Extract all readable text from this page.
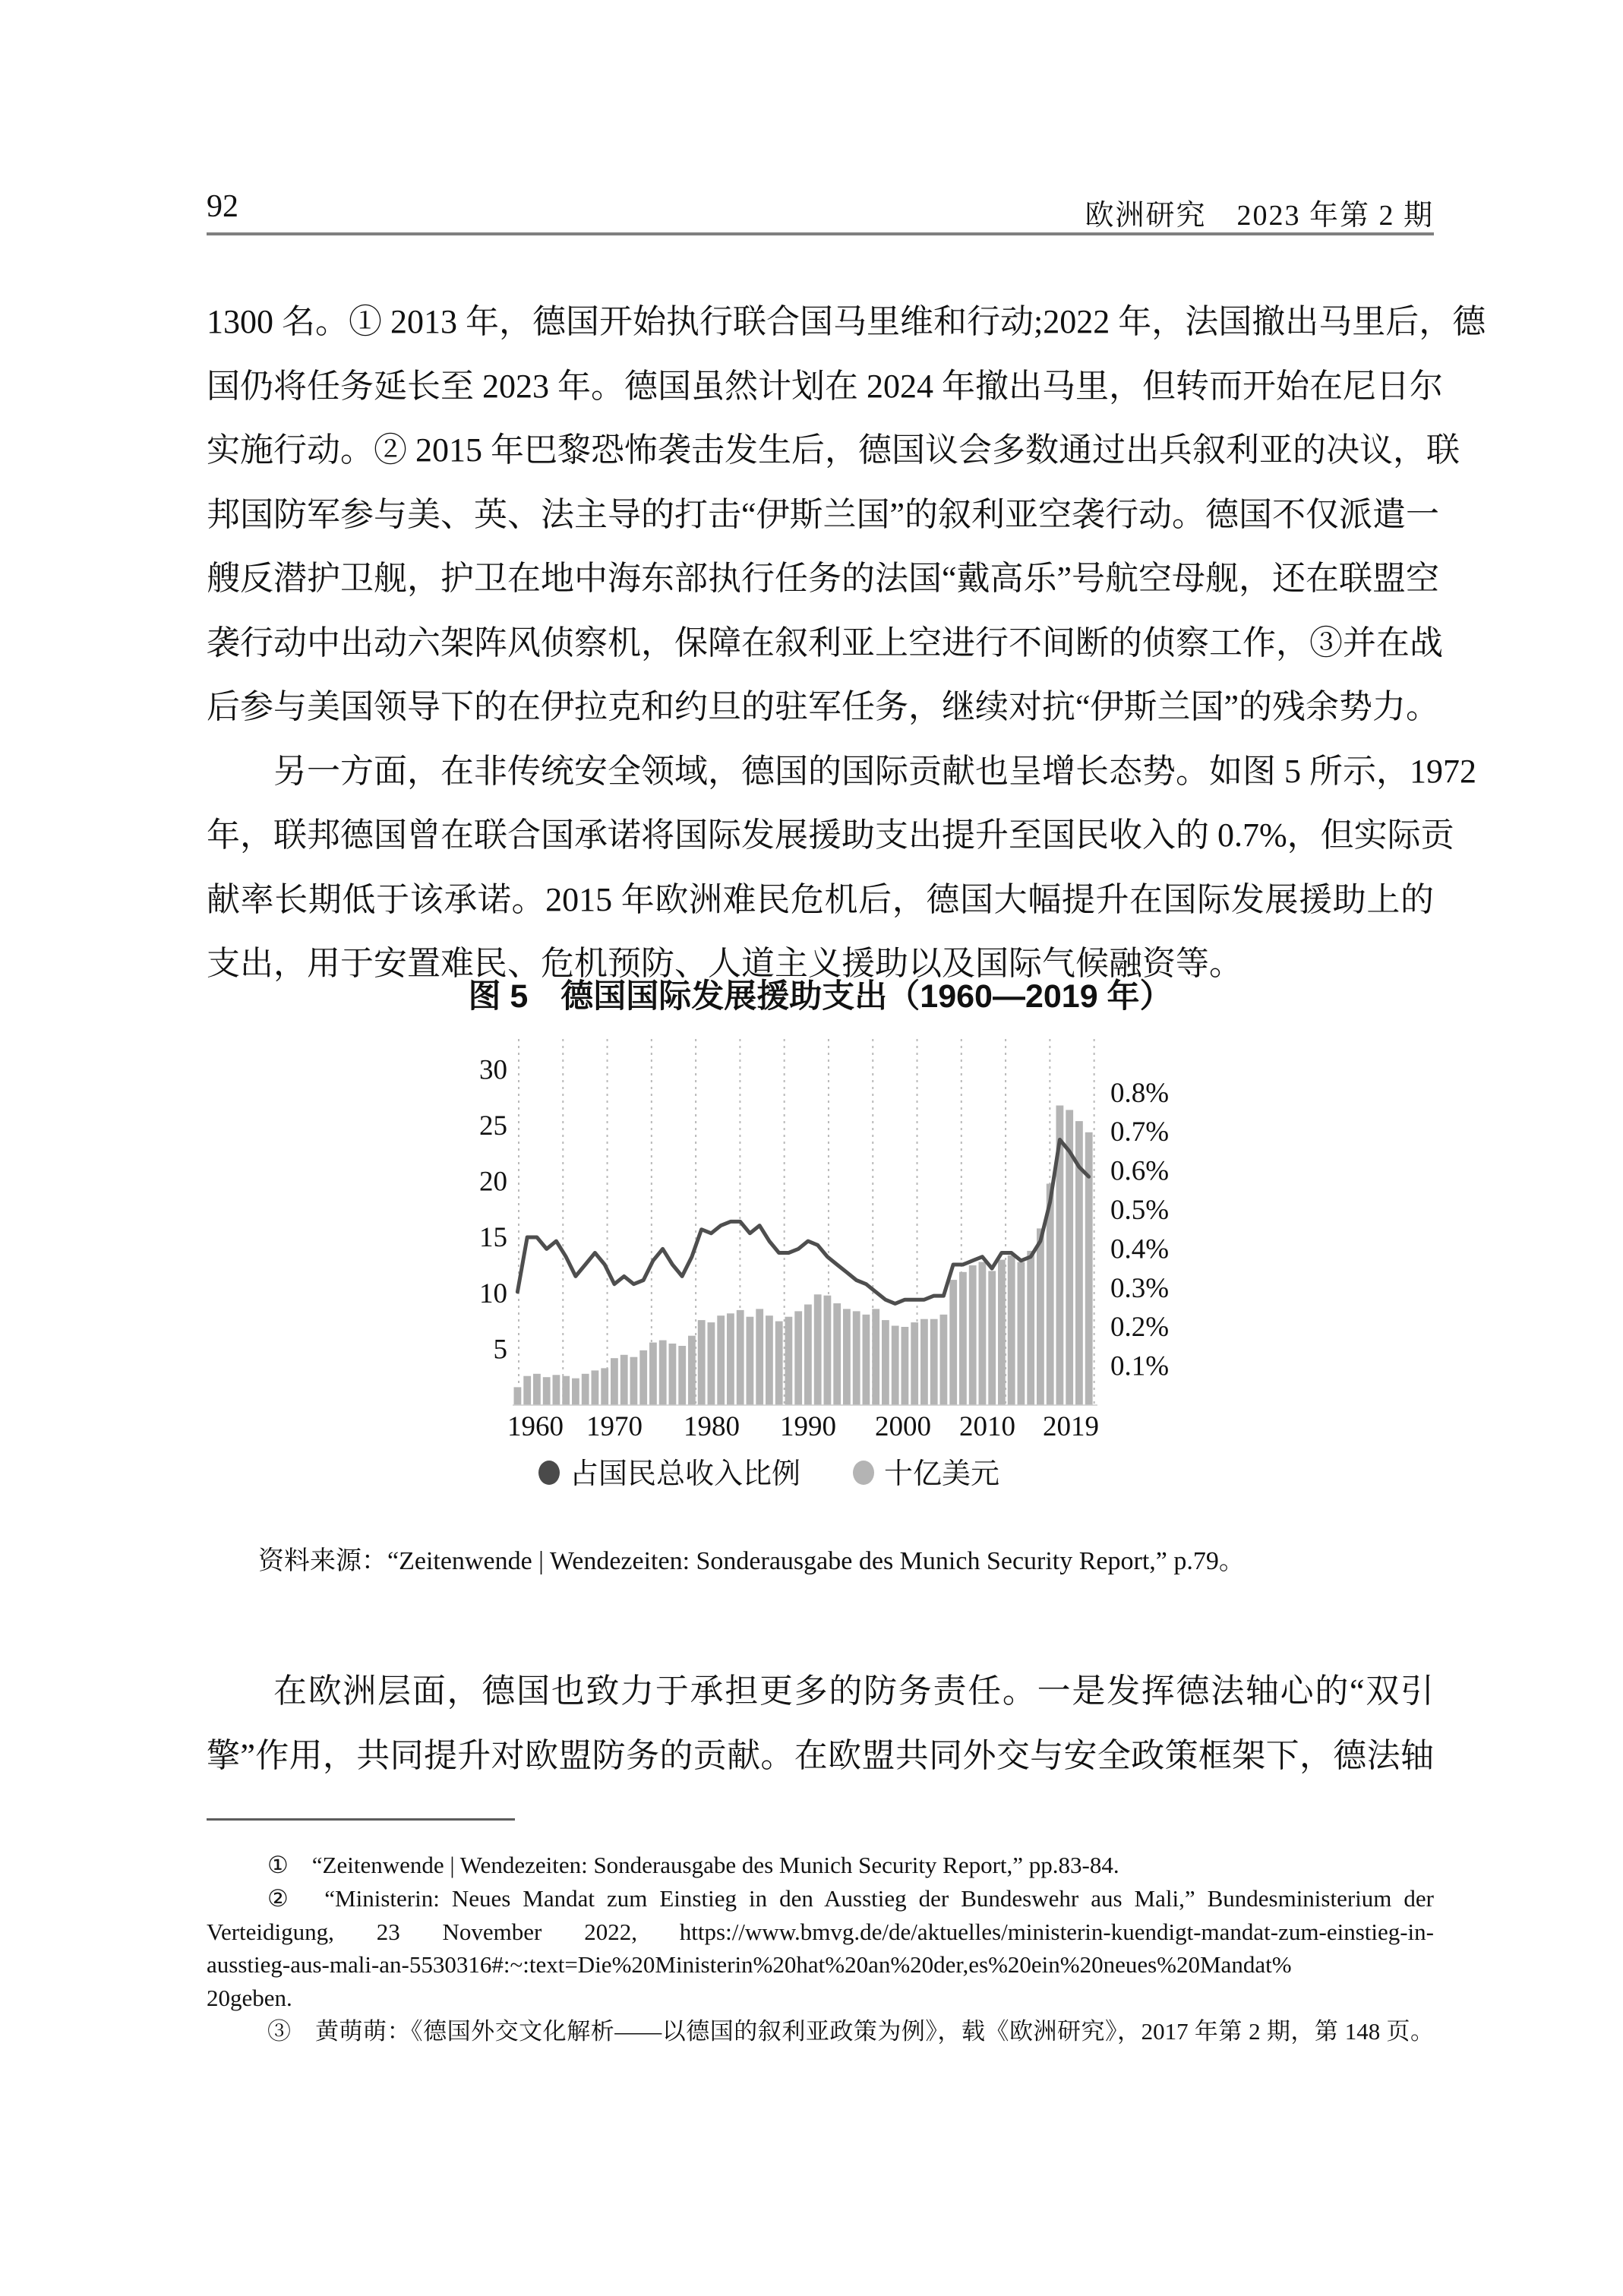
92	欧洲研究　2023 年第 2 期
1300 名。① 2013 年，德国开始执行联合国马里维和行动;2022 年，法国撤出马里后，德
国仍将任务延长至 2023 年。德国虽然计划在 2024 年撤出马里，但转而开始在尼日尔
实施行动。② 2015 年巴黎恐怖袭击发生后，德国议会多数通过出兵叙利亚的决议，联
邦国防军参与美、英、法主导的打击“伊斯兰国”的叙利亚空袭行动。德国不仅派遣一
艘反潜护卫舰，护卫在地中海东部执行任务的法国“戴高乐”号航空母舰，还在联盟空
袭行动中出动六架阵风侦察机，保障在叙利亚上空进行不间断的侦察工作，③并在战
后参与美国领导下的在伊拉克和约旦的驻军任务，继续对抗“伊斯兰国”的残余势力。
另一方面，在非传统安全领域，德国的国际贡献也呈增长态势。如图 5 所示，1972
年，联邦德国曾在联合国承诺将国际发展援助支出提升至国民收入的 0.7%，但实际贡
献率长期低于该承诺。2015 年欧洲难民危机后，德国大幅提升在国际发展援助上的
支出，用于安置难民、危机预防、人道主义援助以及国际气候融资等。
图 5　德国国际发展援助支出（1960—2019 年）
30
25
20
15
10
5
0.8%
0.7%
0.6%
0.5%
0.4%
0.3%
0.2%
0.1%
1960 1970 1980 1990 2000 2010 2019
占国民总收入比例	十亿美元
资料来源：“Zeitenwende | Wendezeiten: Sonderausgabe des Munich Security Report,” p.79。
在欧洲层面，德国也致力于承担更多的防务责任。一是发挥德法轴心的“双引
擎”作用，共同提升对欧盟防务的贡献。在欧盟共同外交与安全政策框架下，德法轴
①　“Zeitenwende | Wendezeiten: Sonderausgabe des Munich Security Report,” pp.83-84.
②　“Ministerin: Neues Mandat zum Einstieg in den Ausstieg der Bundeswehr aus Mali,” Bundesministerium der
Verteidigung, 23 November 2022, https://www.bmvg.de/de/aktuelles/ministerin-kuendigt-mandat-zum-einstieg-in-
ausstieg-aus-mali-an-5530316#:~:text=Die%20Ministerin%20hat%20an%20der,es%20ein%20neues%20Mandat%
20geben.
③　黄萌萌：《德国外交文化解析——以德国的叙利亚政策为例》，载《欧洲研究》，2017 年第 2 期，第 148 页。
